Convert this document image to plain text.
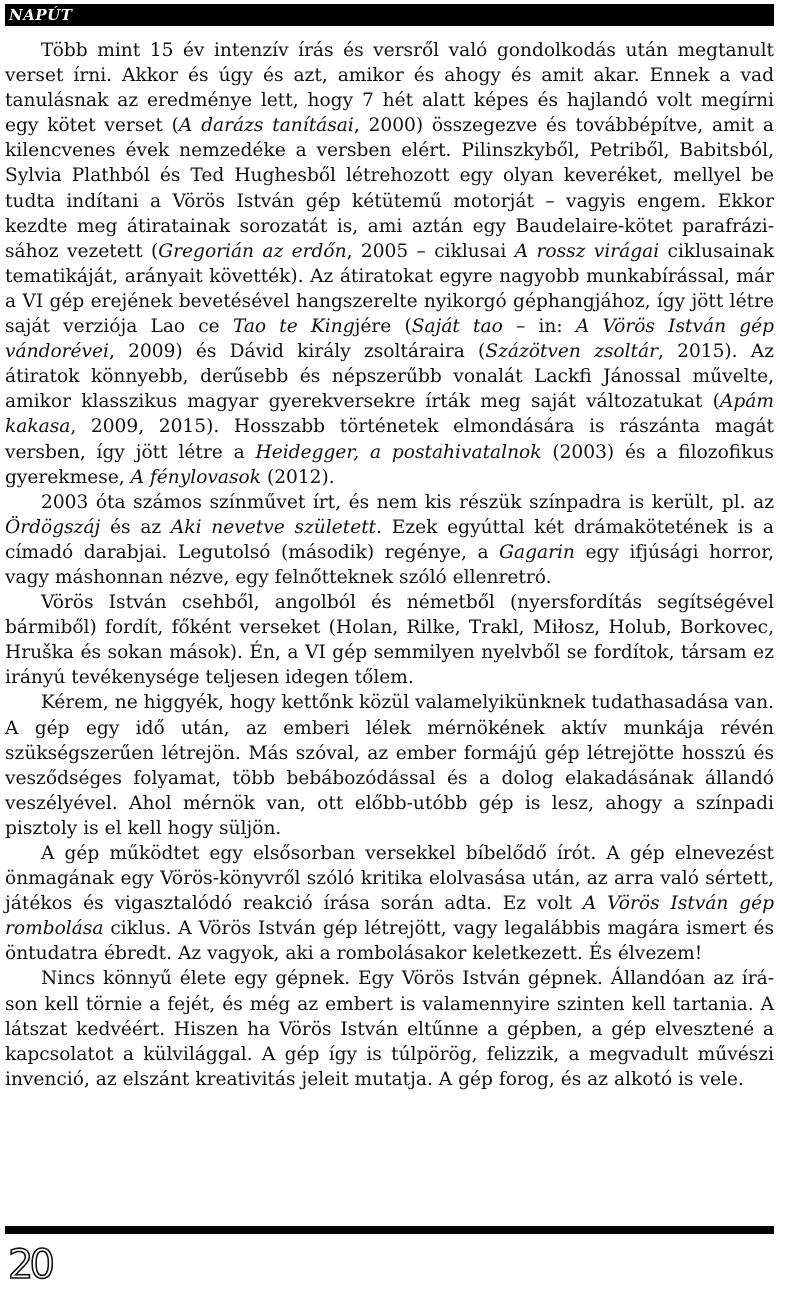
NAPÚT

Több mint 15 év intenzív írás és versről való gondolkodás után megtanult verset írni. Akkor és úgy és azt, amikor és ahogy és amit akar. Ennek a vad tanulásnak az eredménye lett, hogy 7 hét alatt képes és hajlandó volt megírni egy kötet verset (A darázs tanításai, 2000) összegezve és továbbépítve, amit a kilencvenes évek nemzedéke a versben elért. Pilinszkyből, Petriből, Babitsból, Sylvia Plathból és Ted Hughesből létrehozott egy olyan keveréket, mellyel be tudta indítani a Vörös István gép kétütemű motorját – vagyis engem. Ekkor kezdte meg átiratainak sorozatát is, ami aztán egy Baudelaire-kötet parafrázisához vezetett (Gregorián az erdőn, 2005 – ciklusai A rossz virágai ciklusainak tematikáját, arányait követték). Az átiratokat egyre nagyobb munkabírással, már a VI gép erejének bevetésével hangszerelte nyikorgó géphangjához, így jött létre saját verziója Lao ce Tao te Kingjére (Saját tao – in: A Vörös István gép vándorévei, 2009) és Dávid király zsoltáraira (Százötven zsoltár, 2015). Az átiratok könnyebb, derűsebb és népszerűbb vonalát Lackfi Jánossal művelte, amikor klasszikus magyar gyerekversekre írták meg saját változatukat (Apám kakasa, 2009, 2015). Hosszabb történetek elmondására is rászánta magát versben, így jött létre a Heidegger, a postahivatalnok (2003) és a filozofikus gyerekmese, A fénylovasok (2012).

2003 óta számos színművet írt, és nem kis részük színpadra is került, pl. az Ördögszáj és az Aki nevetve született. Ezek egyúttal két drámakötetének is a címadó darabjai. Legutolsó (második) regénye, a Gagarin egy ifjúsági horror, vagy máshonnan nézve, egy felnőtteknek szóló ellenretró.

Vörös István csehből, angolból és németből (nyersfordítás segítségével bármiből) fordít, főként verseket (Holan, Rilke, Trakl, Miłosz, Holub, Borkovec, Hruška és sokan mások). Én, a VI gép semmilyen nyelvből se fordítok, társam ez irányú tevékenysége teljesen idegen tőlem.

Kérem, ne higgyék, hogy kettőnk közül valamelyikünknek tudathasadása van. A gép egy idő után, az emberi lélek mérnökének aktív munkája révén szükségszerűen létrejön. Más szóval, az ember formájú gép létrejötte hosszú és vesződséges folyamat, több bebábozódással és a dolog elakadásának állandó veszélyével. Ahol mérnök van, ott előbb-utóbb gép is lesz, ahogy a színpadi pisztoly is el kell hogy süljön.

A gép működtet egy elsősorban versekkel bíbelődő írót. A gép elnevezést önmagának egy Vörös-könyvről szóló kritika elolvasása után, az arra való sértett, játékos és vigasztalódó reakció írása során adta. Ez volt A Vörös István gép rombolása ciklus. A Vörös István gép létrejött, vagy legalábbis magára ismert és öntudatra ébredt. Az vagyok, aki a rombolásakor keletkezett. És élvezem!

Nincs könnyű élete egy gépnek. Egy Vörös István gépnek. Állandóan az íráson kell törnie a fejét, és még az embert is valamennyire szinten kell tartania. A látszat kedvéért. Hiszen ha Vörös István eltűnne a gépben, a gép elvesztené a kapcsolatot a külvilággal. A gép így is túlpörög, felizzik, a megvadult művészi invenció, az elszánt kreativitás jeleit mutatja. A gép forog, és az alkotó is vele.

20
